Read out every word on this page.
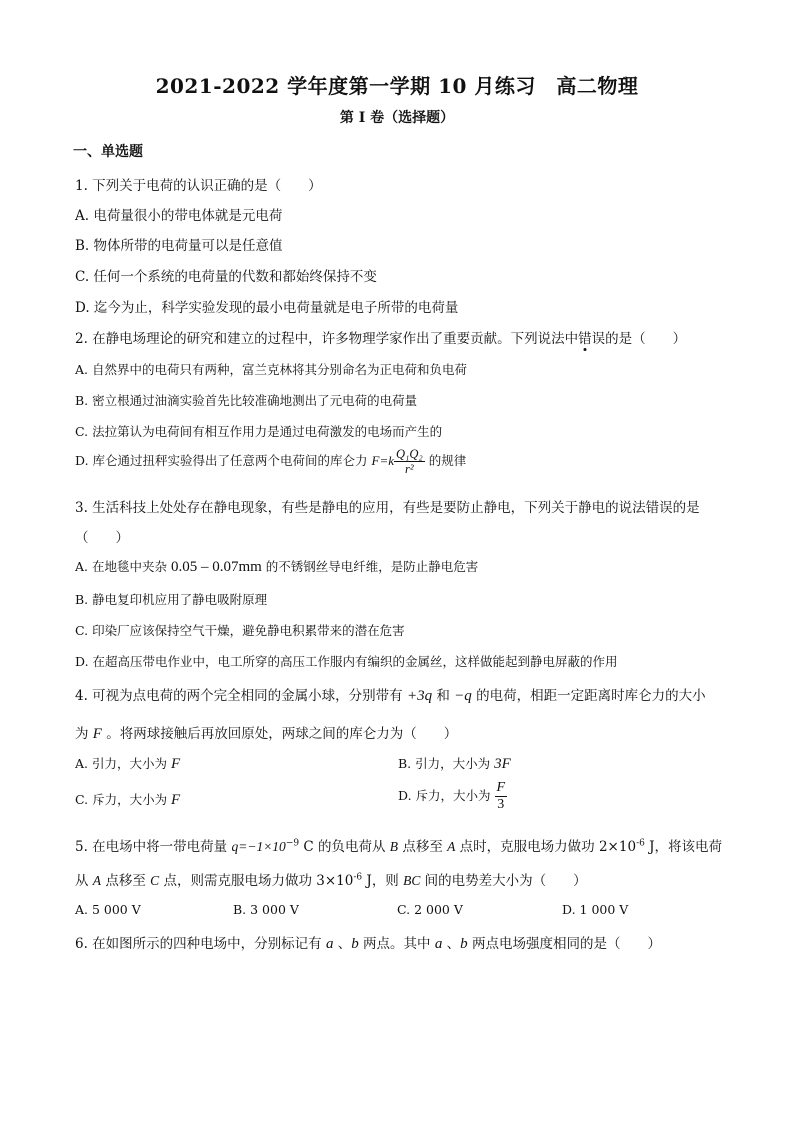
2021-2022 学年度第一学期 10 月练习　高二物理
第 I 卷（选择题）
一、单选题
1. 下列关于电荷的认识正确的是（　　）
A. 电荷量很小的带电体就是元电荷
B. 物体所带的电荷量可以是任意值
C. 任何一个系统的电荷量的代数和都始终保持不变
D. 迄今为止，科学实验发现的最小电荷量就是电子所带的电荷量
2. 在静电场理论的研究和建立的过程中，许多物理学家作出了重要贡献。下列说法中错误的是（　　）
A. 自然界中的电荷只有两种，富兰克林将其分别命名为正电荷和负电荷
B. 密立根通过油滴实验首先比较准确地测出了元电荷的电荷量
C. 法拉第认为电荷间有相互作用力是通过电荷激发的电场而产生的
D. 库仑通过扭秤实验得出了任意两个电荷间的库仑力 $F=k \frac{\text{Q₁Q₂}}{\text{r²}}$ 的规律
3. 生活科技上处处存在静电现象，有些是静电的应用，有些是要防止静电，下列关于静电的说法错误的是
（　　）
A. 在地毯中夹杂 0.05 – 0.07mm 的不锈钢丝导电纤维，是防止静电危害
B. 静电复印机应用了静电吸附原理
C. 印染厂应该保持空气干燥，避免静电积累带来的潜在危害
D. 在超高压带电作业中，电工所穿的高压工作服内有编织的金属丝，这样做能起到静电屏蔽的作用
4. 可视为点电荷的两个完全相同的金属小球，分别带有 +3q 和 −q 的电荷，相距一定距离时库仑力的大小
为 F 。将两球接触后再放回原处，两球之间的库仑力为（　　）
A. 引力，大小为 F	B. 引力，大小为 3F
C. 斥力，大小为 F	D. 斥力，大小为 $\frac{F}{3}$
5. 在电场中将一带电荷量 $q=-1\times 10^{-9}$ C 的负电荷从 B 点移至 A 点时，克服电场力做功 $2\times 10^{-6}$ J，将该电荷
从 A 点移至 C 点，则需克服电场力做功 $3\times 10^{-6}$ J，则 BC 间的电势差大小为（　　）
A. 5 000 V	B. 3 000 V	C. 2 000 V	D. 1 000 V
6. 在如图所示的四种电场中，分别标记有 a 、b 两点。其中 a 、b 两点电场强度相同的是（　　）
